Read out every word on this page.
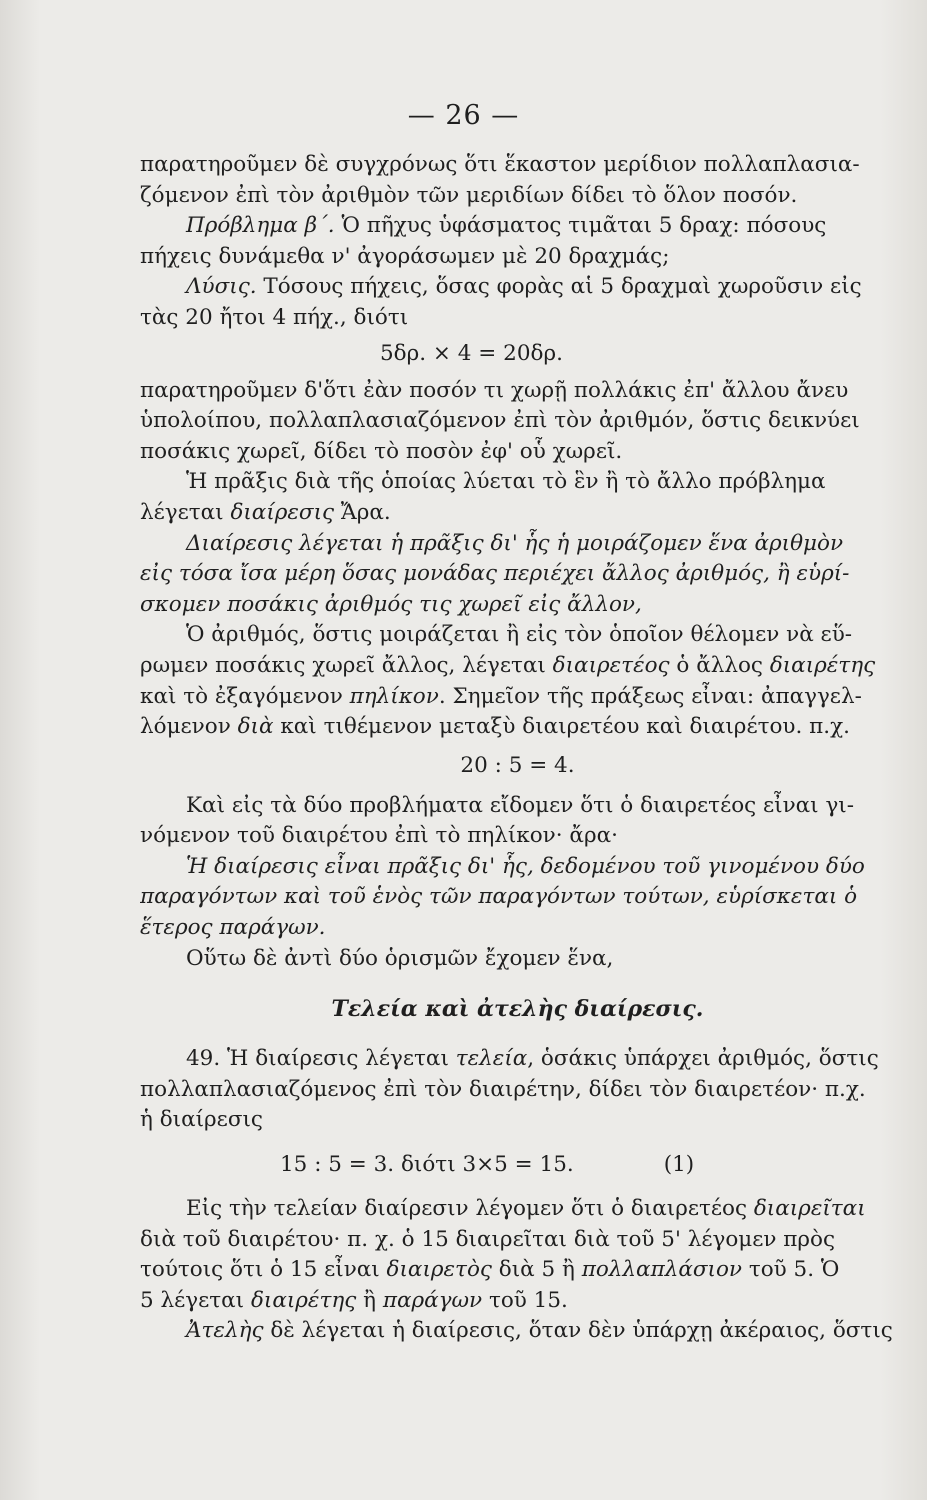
— 26 —
παρατηροῦμεν δὲ συγχρόνως ὅτι ἕκαστον μερίδιον πολλαπλασια-
ζόμενον ἐπὶ τὸν ἀριθμὸν τῶν μεριδίων δίδει τὸ ὅλον ποσόν.
Πρόβλημα β΄. Ὁ πῆχυς ὑφάσματος τιμᾶται 5 δραχ: πόσους
πήχεις δυνάμεθα ν' ἀγοράσωμεν μὲ 20 δραχμάς;
Λύσις. Τόσους πήχεις, ὅσας φορὰς αἱ 5 δραχμαὶ χωροῦσιν εἰς
τὰς 20 ἤτοι 4 πήχ., διότι
5δρ. × 4 = 20δρ.
παρατηροῦμεν δ'ὅτι ἐὰν ποσόν τι χωρῇ πολλάκις ἐπ' ἄλλου ἄνευ
ὑπολοίπου, πολλαπλασιαζόμενον ἐπὶ τὸν ἀριθμόν, ὅστις δεικνύει
ποσάκις χωρεῖ, δίδει τὸ ποσὸν ἐφ' οὗ χωρεῖ.
Ἡ πρᾶξις διὰ τῆς ὁποίας λύεται τὸ ἓν ἢ τὸ ἄλλο πρόβλημα
λέγεται διαίρεσις Ἄρα.
Διαίρεσις λέγεται ἡ πρᾶξις δι' ἧς ἡ μοιράζομεν ἕνα ἀριθμὸν
εἰς τόσα ἴσα μέρη ὅσας μονάδας περιέχει ἄλλος ἀριθμός, ἢ εὑρί-
σκομεν ποσάκις ἀριθμός τις χωρεῖ εἰς ἄλλον,
Ὁ ἀριθμός, ὅστις μοιράζεται ἢ εἰς τὸν ὁποῖον θέλομεν νὰ εὕ-
ρωμεν ποσάκις χωρεῖ ἄλλος, λέγεται διαιρετέος ὁ ἄλλος διαιρέτης
καὶ τὸ ἐξαγόμενον πηλίκον. Σημεῖον τῆς πράξεως εἶναι: ἀπαγγελ-
λόμενον διὰ καὶ τιθέμενον μεταξὺ διαιρετέου καὶ διαιρέτου. π.χ.
20 : 5 = 4.
Καὶ εἰς τὰ δύο προβλήματα εἴδομεν ὅτι ὁ διαιρετέος εἶναι γι-
νόμενον τοῦ διαιρέτου ἐπὶ τὸ πηλίκον· ἄρα·
Ἡ διαίρεσις εἶναι πρᾶξις δι' ἧς, δεδομένου τοῦ γινομένου δύο
παραγόντων καὶ τοῦ ἑνὸς τῶν παραγόντων τούτων, εὑρίσκεται ὁ
ἕτερος παράγων.
Οὕτω δὲ ἀντὶ δύο ὁρισμῶν ἔχομεν ἕνα,
Τελεία καὶ ἀτελὴς διαίρεσις.
49. Ἡ διαίρεσις λέγεται τελεία, ὁσάκις ὑπάρχει ἀριθμός, ὅστις
πολλαπλασιαζόμενος ἐπὶ τὸν διαιρέτην, δίδει τὸν διαιρετέον· π.χ.
ἡ διαίρεσις
15 : 5 = 3. διότι 3×5 = 15.	(1)
Εἰς τὴν τελείαν διαίρεσιν λέγομεν ὅτι ὁ διαιρετέος διαιρεῖται
διὰ τοῦ διαιρέτου· π. χ. ὁ 15 διαιρεῖται διὰ τοῦ 5' λέγομεν πρὸς
τούτοις ὅτι ὁ 15 εἶναι διαιρετὸς διὰ 5 ἢ πολλαπλάσιον τοῦ 5. Ὁ
5 λέγεται διαιρέτης ἢ παράγων τοῦ 15.
Ἀτελὴς δὲ λέγεται ἡ διαίρεσις, ὅταν δὲν ὑπάρχῃ ἀκέραιος, ὅστις
